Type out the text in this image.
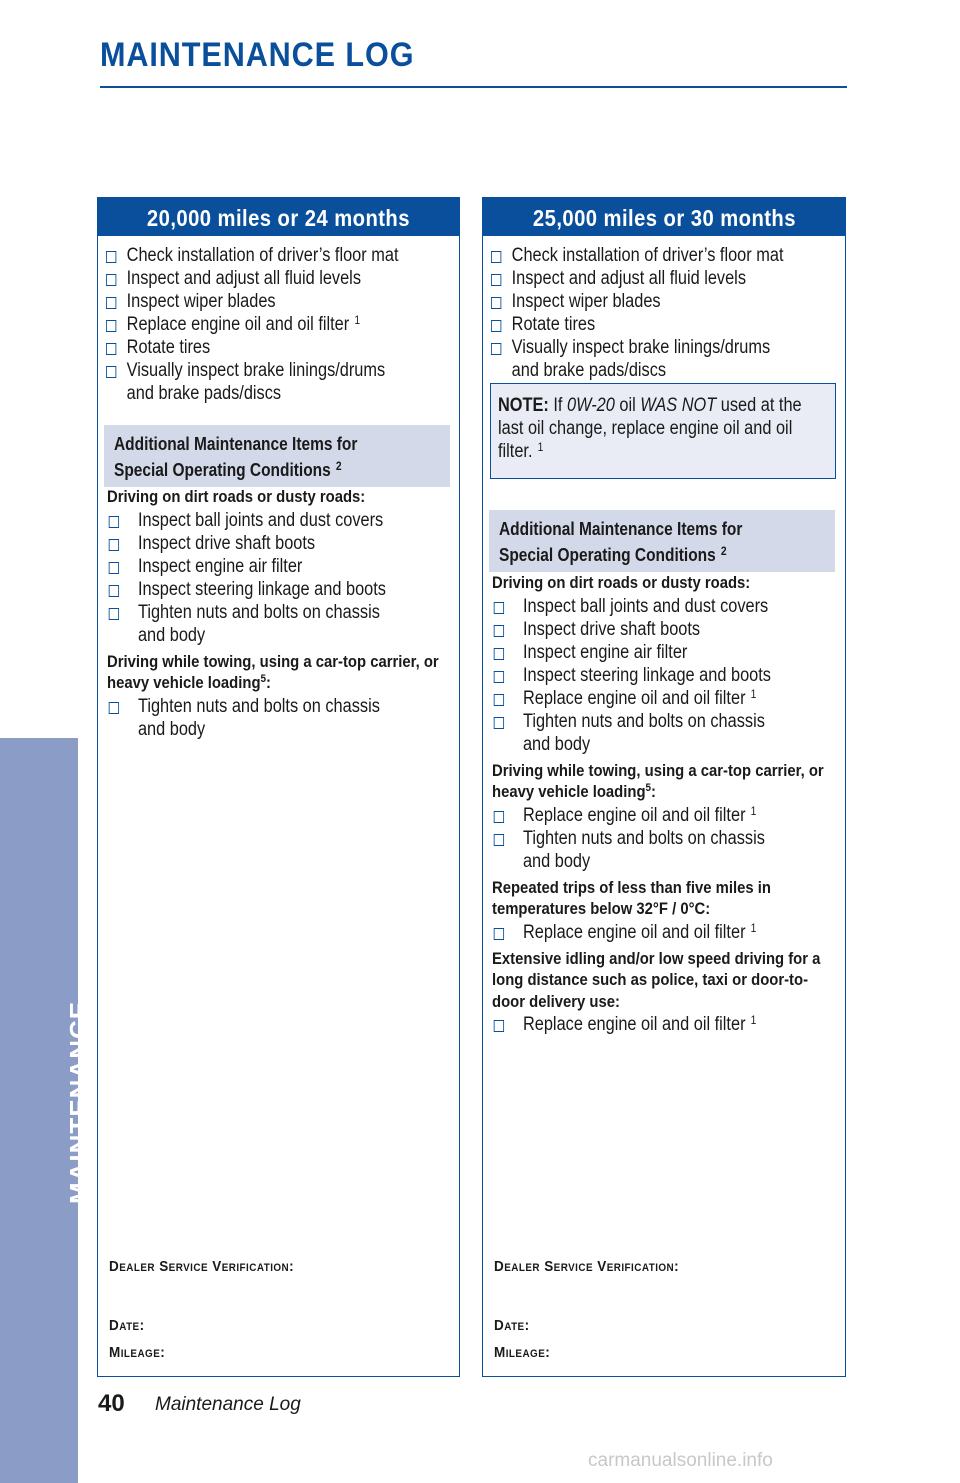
MAINTENANCE LOG
MAINTENANCE
20,000 miles or 24 months
Check installation of driver’s floor mat
Inspect and adjust all fluid levels
Inspect wiper blades
Replace engine oil and oil filter $^1$
Rotate tires
Visually inspect brake linings/drums
and brake pads/discs
Additional Maintenance Items for
Special Operating Conditions $^2$
Driving on dirt roads or dusty roads:
Inspect ball joints and dust covers
Inspect drive shaft boots
Inspect engine air filter
Inspect steering linkage and boots
Tighten nuts and bolts on chassis
and body
Driving while towing, using a car-top carrier, or heavy vehicle loading$^5$:
Tighten nuts and bolts on chassis
and body
Dealer Service Verification:
Date:
Mileage:
25,000 miles or 30 months
Check installation of driver’s floor mat
Inspect and adjust all fluid levels
Inspect wiper blades
Rotate tires
Visually inspect brake linings/drums
and brake pads/discs
NOTE: If 0W-20 oil WAS NOT used at the last oil change, replace engine oil and oil filter. $^1$
Additional Maintenance Items for
Special Operating Conditions $^2$
Driving on dirt roads or dusty roads:
Inspect ball joints and dust covers
Inspect drive shaft boots
Inspect engine air filter
Inspect steering linkage and boots
Replace engine oil and oil filter $^1$
Tighten nuts and bolts on chassis
and body
Driving while towing, using a car-top carrier, or heavy vehicle loading$^5$:
Replace engine oil and oil filter $^1$
Tighten nuts and bolts on chassis
and body
Repeated trips of less than five miles in temperatures below 32°F / 0°C:
Replace engine oil and oil filter $^1$
Extensive idling and/or low speed driving for a long distance such as police, taxi or door-to-door delivery use:
Replace engine oil and oil filter $^1$
Dealer Service Verification:
Date:
Mileage:
40 Maintenance Log
carmanualsonline.info
